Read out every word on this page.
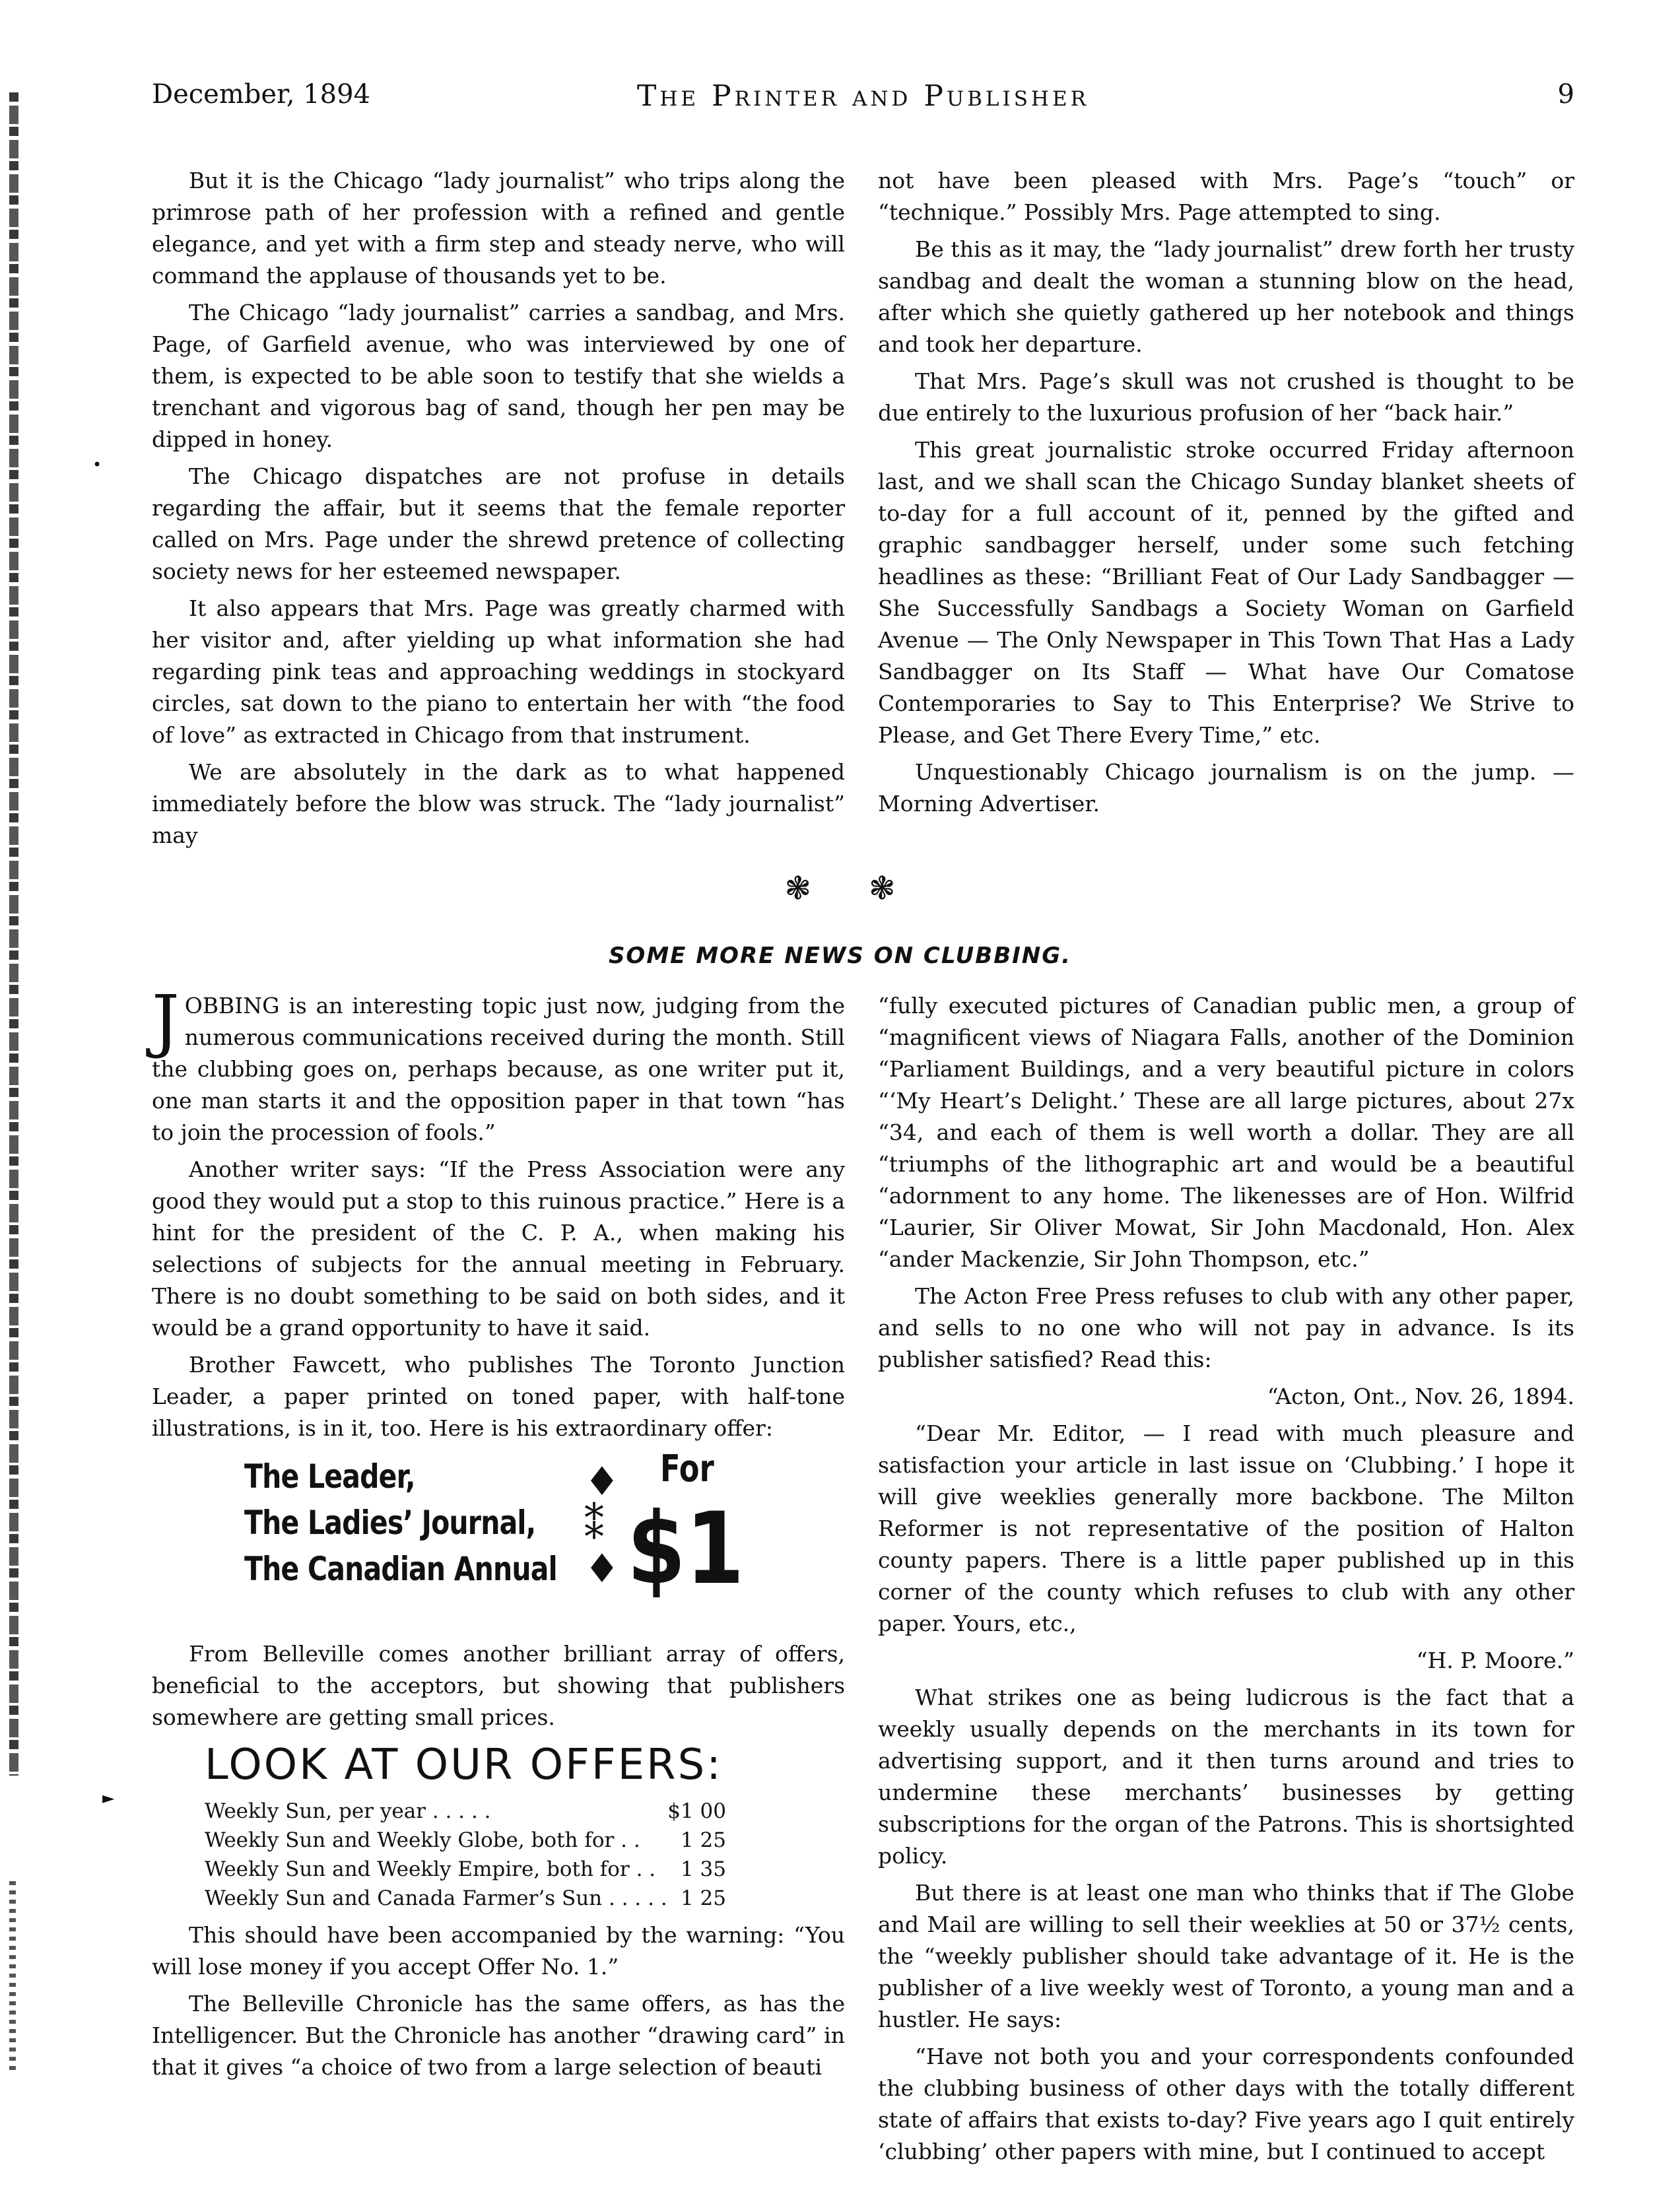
•
►
December, 1894	The Printer and Publisher	9

But it is the Chicago “lady journalist” who trips along the primrose path of her profession with a refined and gentle elegance, and yet with a firm step and steady nerve, who will command the applause of thousands yet to be.

The Chicago “lady journalist” carries a sandbag, and Mrs. Page, of Garfield avenue, who was interviewed by one of them, is expected to be able soon to testify that she wields a trenchant and vigorous bag of sand, though her pen may be dipped in honey.

The Chicago dispatches are not profuse in details regarding the affair, but it seems that the female reporter called on Mrs. Page under the shrewd pretence of collecting society news for her esteemed newspaper.

It also appears that Mrs. Page was greatly charmed with her visitor and, after yielding up what information she had regarding pink teas and approaching weddings in stockyard circles, sat down to the piano to entertain her with “the food of love” as extracted in Chicago from that instrument.

We are absolutely in the dark as to what happened immediately before the blow was struck. The “lady journalist” may

not have been pleased with Mrs. Page’s “touch” or “technique.” Possibly Mrs. Page attempted to sing.

Be this as it may, the “lady journalist” drew forth her trusty sandbag and dealt the woman a stunning blow on the head, after which she quietly gathered up her notebook and things and took her departure.

That Mrs. Page’s skull was not crushed is thought to be due entirely to the luxurious profusion of her “back hair.”

This great journalistic stroke occurred Friday afternoon last, and we shall scan the Chicago Sunday blanket sheets of to-day for a full account of it, penned by the gifted and graphic sandbagger herself, under some such fetching headlines as these: “Brilliant Feat of Our Lady Sandbagger — She Successfully Sandbags a Society Woman on Garfield Avenue — The Only Newspaper in This Town That Has a Lady Sandbagger on Its Staff — What have Our Comatose Contemporaries to Say to This Enterprise? We Strive to Please, and Get There Every Time,” etc.

Unquestionably Chicago journalism is on the jump. — Morning Advertiser.

❃ ❃
SOME MORE NEWS ON CLUBBING.

JOBBING is an interesting topic just now, judging from the numerous communications received during the month. Still the clubbing goes on, perhaps because, as one writer put it, one man starts it and the opposition paper in that town “has to join the procession of fools.”

Another writer says: “If the Press Association were any good they would put a stop to this ruinous practice.” Here is a hint for the president of the C. P. A., when making his selections of subjects for the annual meeting in February. There is no doubt something to be said on both sides, and it would be a grand opportunity to have it said.

Brother Fawcett, who publishes The Toronto Junction Leader, a paper printed on toned paper, with half-tone illustrations, is in it, too. Here is his extraordinary offer:

The Leader,
The Ladies’ Journal,
The Canadian Annual
♦
⁑
♦
For
$1

From Belleville comes another brilliant array of offers, beneficial to the acceptors, but showing that publishers somewhere are getting small prices.

LOOK AT OUR OFFERS:
Weekly Sun, per year . . . . .	$1 00
Weekly Sun and Weekly Globe, both for . . 1 25
Weekly Sun and Weekly Empire, both for . . 1 35
Weekly Sun and Canada Farmer’s Sun . . . . . 1 25

This should have been accompanied by the warning: “You will lose money if you accept Offer No. 1.”

The Belleville Chronicle has the same offers, as has the Intelligencer. But the Chronicle has another “drawing card” in that it gives “a choice of two from a large selection of beauti

“fully executed pictures of Canadian public men, a group of “magnificent views of Niagara Falls, another of the Dominion “Parliament Buildings, and a very beautiful picture in colors “‘My Heart’s Delight.’ These are all large pictures, about 27x “34, and each of them is well worth a dollar. They are all “triumphs of the lithographic art and would be a beautiful “adornment to any home. The likenesses are of Hon. Wilfrid “Laurier, Sir Oliver Mowat, Sir John Macdonald, Hon. Alex “ander Mackenzie, Sir John Thompson, etc.”

The Acton Free Press refuses to club with any other paper, and sells to no one who will not pay in advance. Is its publisher satisfied? Read this:

“Acton, Ont., Nov. 26, 1894.

“Dear Mr. Editor, — I read with much pleasure and satisfaction your article in last issue on ‘Clubbing.’ I hope it will give weeklies generally more backbone. The Milton Reformer is not representative of the position of Halton county papers. There is a little paper published up in this corner of the county which refuses to club with any other paper. Yours, etc.,

“H. P. Moore.”

What strikes one as being ludicrous is the fact that a weekly usually depends on the merchants in its town for advertising support, and it then turns around and tries to undermine these merchants’ businesses by getting subscriptions for the organ of the Patrons. This is shortsighted policy.

But there is at least one man who thinks that if The Globe and Mail are willing to sell their weeklies at 50 or 37½ cents, the “weekly publisher should take advantage of it. He is the publisher of a live weekly west of Toronto, a young man and a hustler. He says:

“Have not both you and your correspondents confounded the clubbing business of other days with the totally different state of affairs that exists to-day? Five years ago I quit entirely ‘clubbing’ other papers with mine, but I continued to accept
